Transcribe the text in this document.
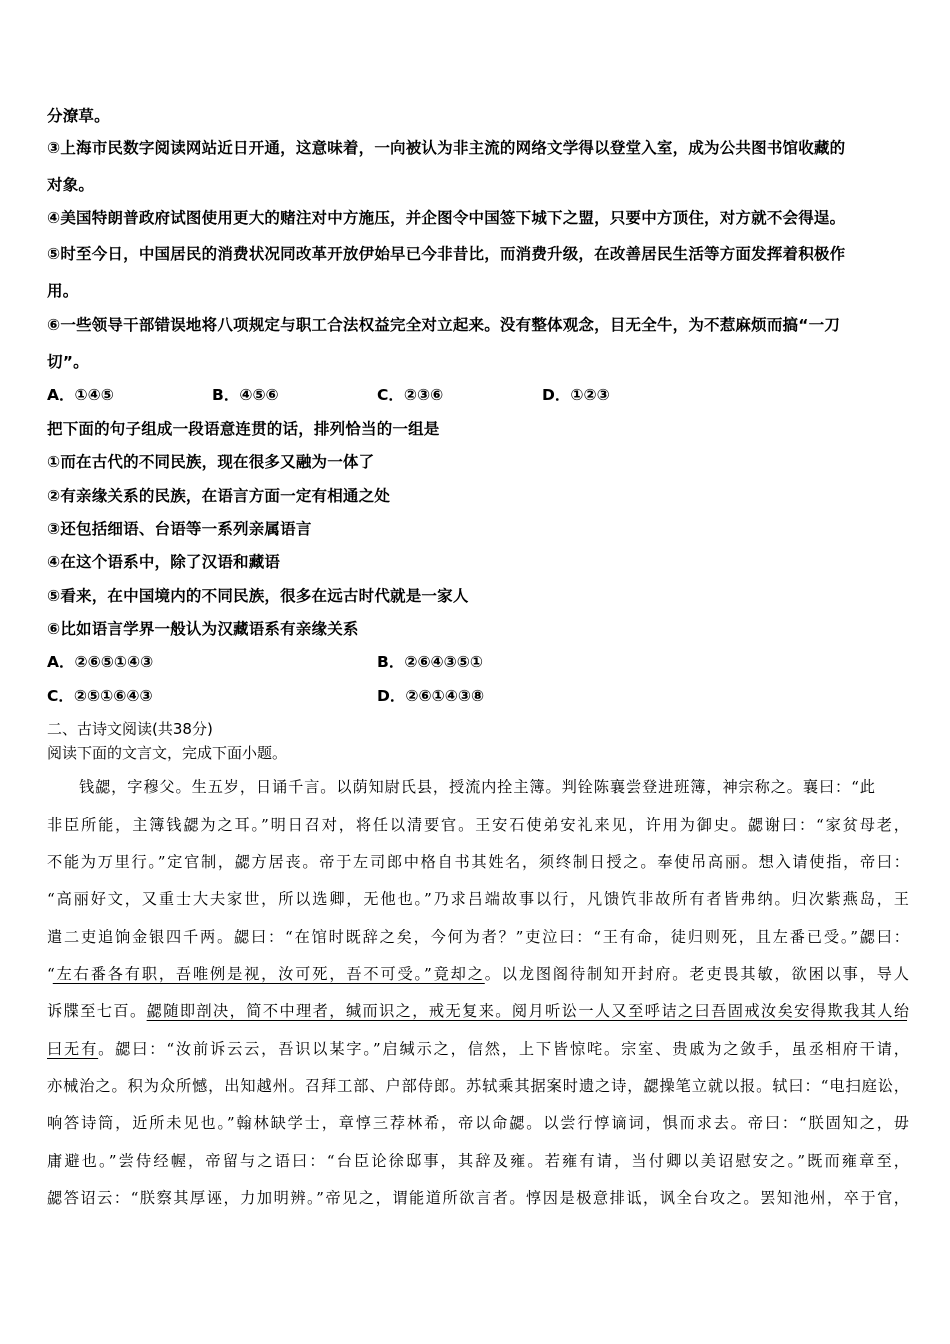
分潦草。
③上海市民数字阅读网站近日开通，这意味着，一向被认为非主流的网络文学得以登堂入室，成为公共图书馆收藏的
对象。
④美国特朗普政府试图使用更大的赌注对中方施压，并企图令中国签下城下之盟，只要中方顶住，对方就不会得逞。
⑤时至今日，中国居民的消费状况同改革开放伊始早已今非昔比，而消费升级，在改善居民生活等方面发挥着积极作
用。
⑥一些领导干部错误地将八项规定与职工合法权益完全对立起来。没有整体观念，目无全牛，为不惹麻烦而搞“一刀
切”。
A．①④⑤	B．④⑤⑥	C．②③⑥	D．①②③
把下面的句子组成一段语意连贯的话，排列恰当的一组是
①而在古代的不同民族，现在很多又融为一体了
②有亲缘关系的民族，在语言方面一定有相通之处
③还包括细语、台语等一系列亲属语言
④在这个语系中，除了汉语和藏语
⑤看来，在中国境内的不同民族，很多在远古时代就是一家人
⑥比如语言学界一般认为汉藏语系有亲缘关系
A．②⑥⑤①④③	B．②⑥④③⑤①
C．②⑤①⑥④③	D．②⑥①④③⑧
二、古诗文阅读(共38分)
阅读下面的文言文，完成下面小题。
钱勰，字穆父。生五岁，日诵千言。以荫知尉氏县，授流内拴主簿。判铨陈襄尝登进班簿，神宗称之。襄曰：“此
非臣所能，主簿钱勰为之耳。”明日召对，将任以清要官。王安石使弟安礼来见，许用为御史。勰谢曰：“家贫母老，
不能为万里行。”定官制，勰方居丧。帝于左司郎中格自书其姓名，须终制日授之。奉使吊高丽。想入请使指，帝曰：
“高丽好文，又重士大夫家世，所以选卿，无他也。”乃求吕端故事以行，凡馈饩非故所有者皆弗纳。归次紫燕岛，王
遣二吏追饷金银四千两。勰曰：“在馆时既辞之矣，今何为者？”吏泣曰：“王有命，徒归则死，且左番已受。”勰曰：
“左右番各有职，吾唯例是视，汝可死，吾不可受。”竟却之。以龙图阁待制知开封府。老吏畏其敏，欲困以事，导人
诉牒至七百。勰随即剖决，简不中理者，缄而识之，戒无复来。阅月听讼一人又至呼诘之曰吾固戒汝矣安得欺我其人绐
曰无有。勰曰：“汝前诉云云，吾识以某字。”启缄示之，信然，上下皆惊咤。宗室、贵戚为之敛手，虽丞相府干请，
亦械治之。积为众所憾，出知越州。召拜工部、户部侍郎。苏轼乘其据案时遗之诗，勰操笔立就以报。轼曰：“电扫庭讼，
响答诗筒，近所未见也。”翰林缺学士，章惇三荐林希，帝以命勰。以尝行惇谪词，惧而求去。帝曰：“朕固知之，毋
庸避也。”尝侍经幄，帝留与之语曰：“台臣论徐邸事，其辞及雍。若雍有请，当付卿以美诏慰安之。”既而雍章至，
勰答诏云：“朕察其厚诬，力加明辨。”帝见之，谓能道所欲言者。惇因是极意排诋，讽全台攻之。罢知池州，卒于官，
